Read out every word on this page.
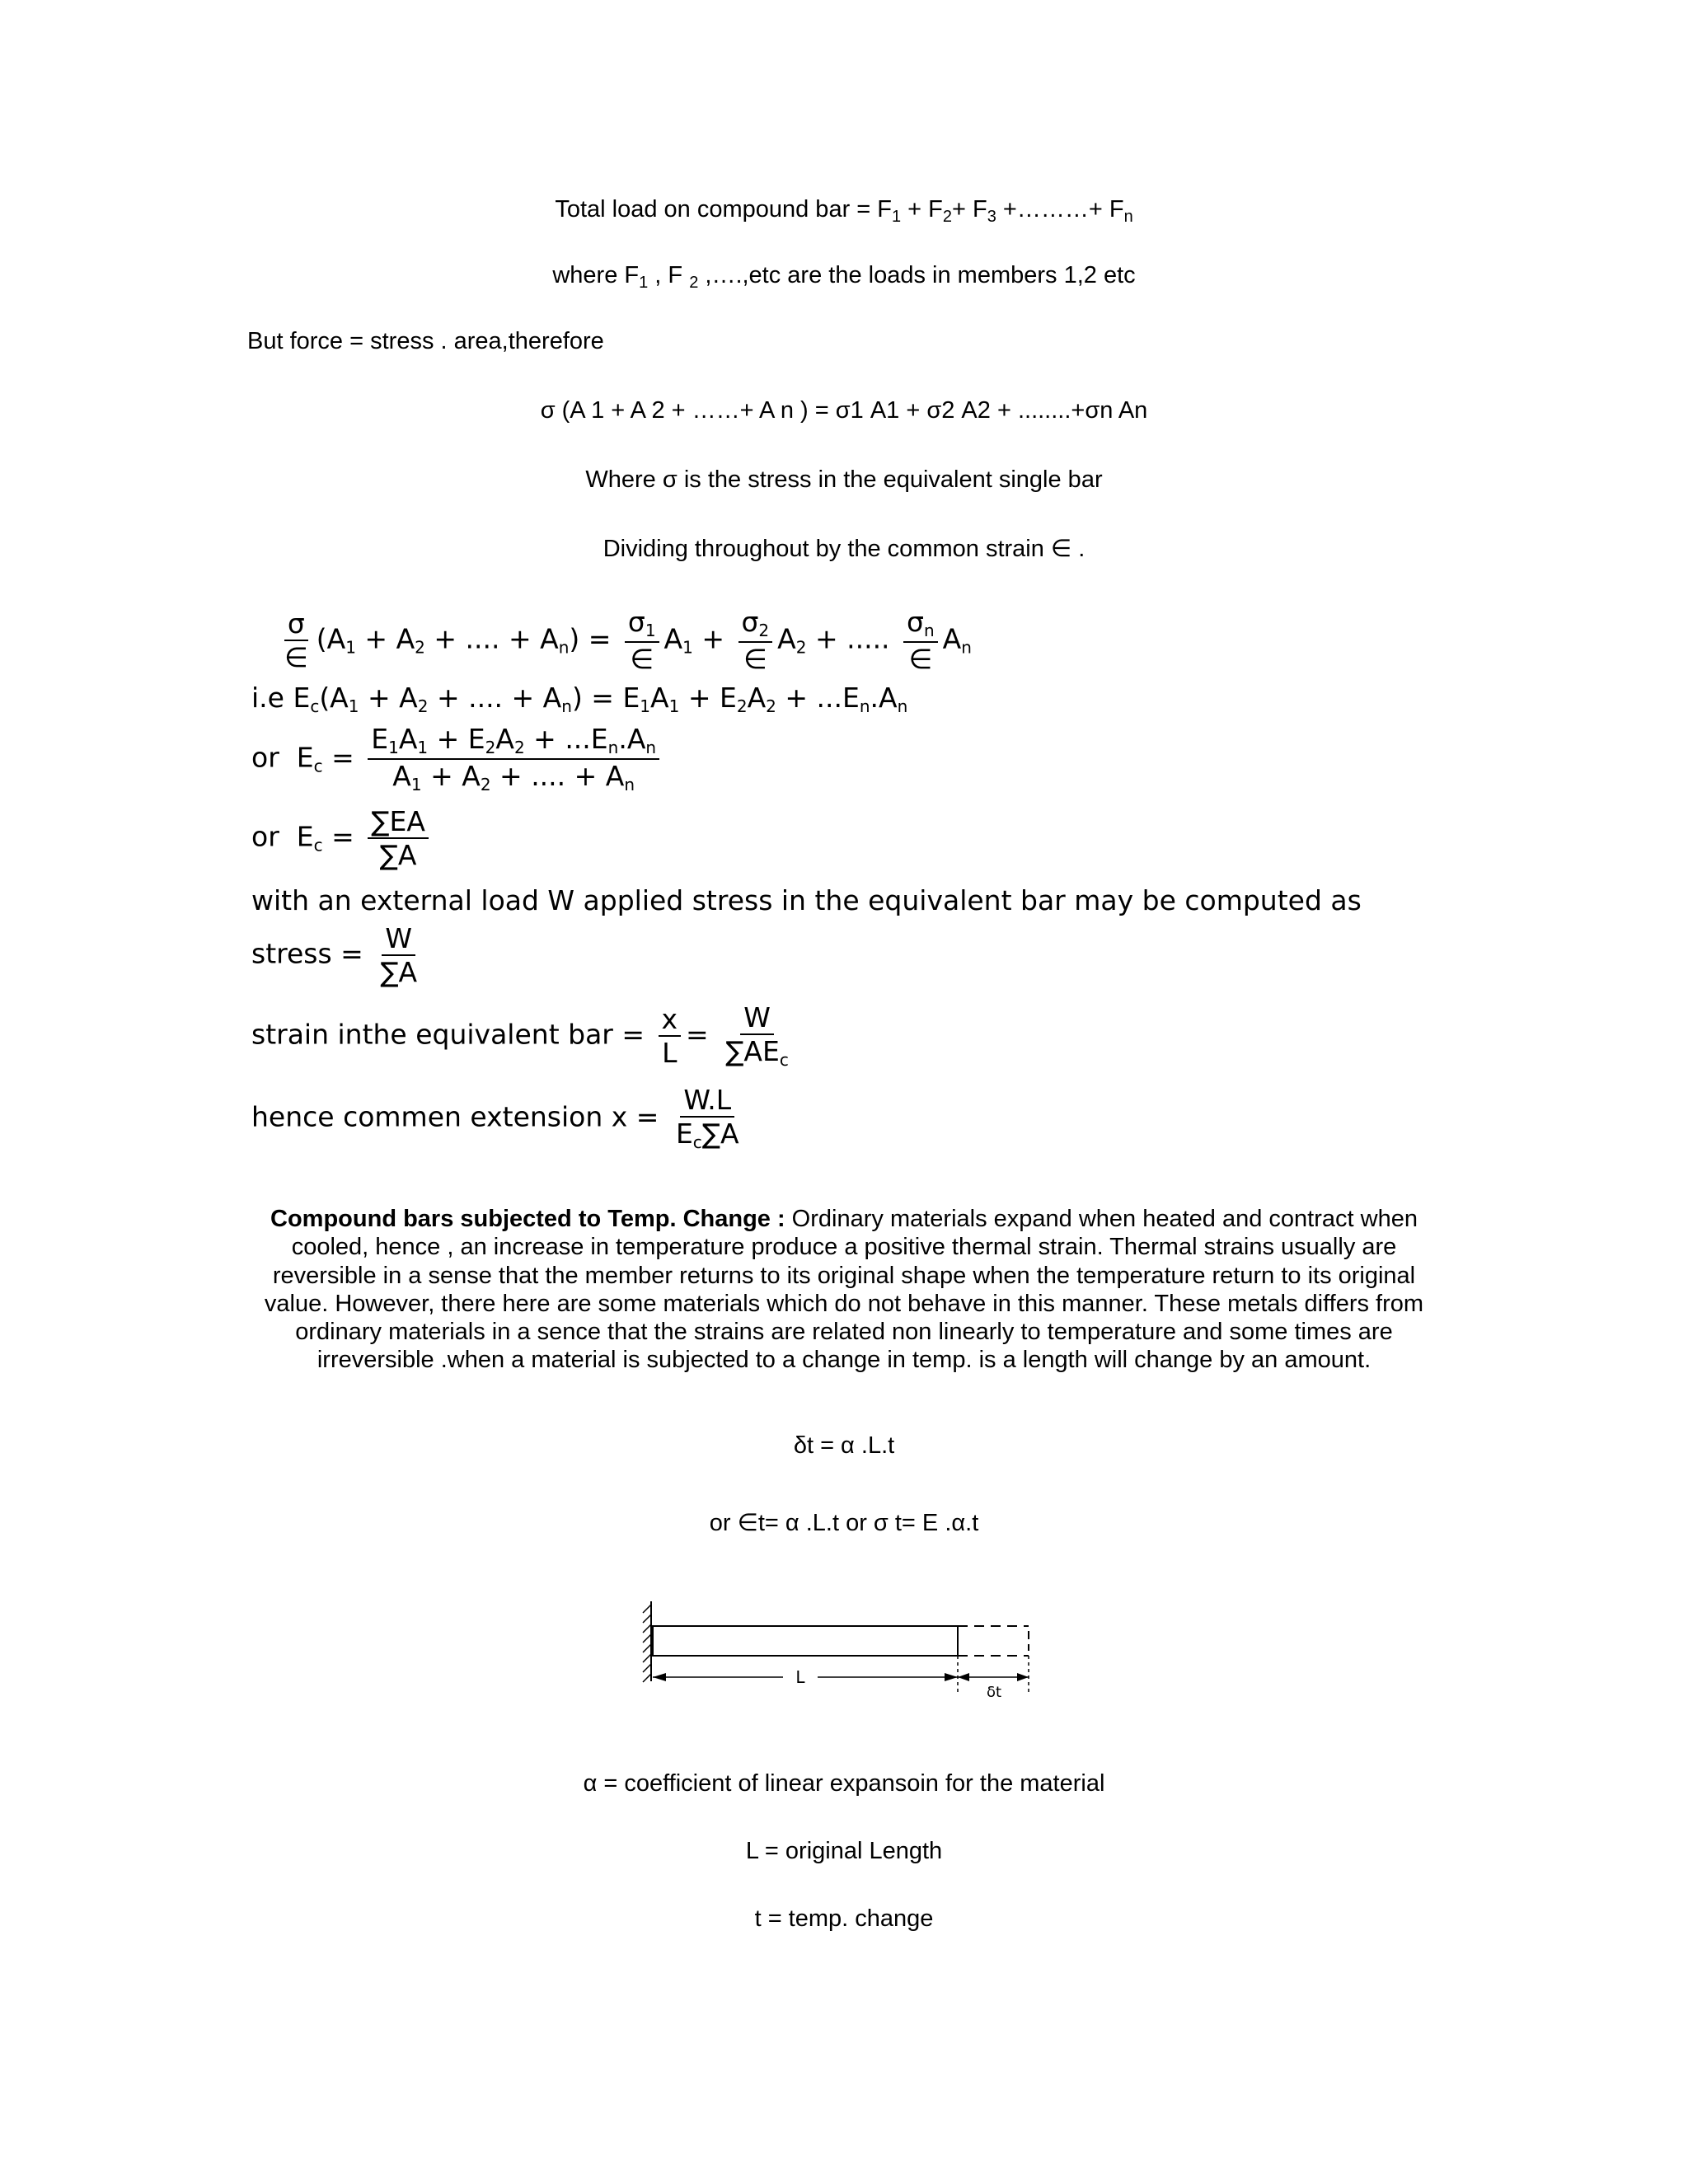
Total load on compound bar = $F_1 + F_2+ F_3$ +………+ $F_n$
where $F_1$ , F $_2$ ,….,etc are the loads in members 1,2 etc
But force = stress . area,therefore
σ (A 1 + A 2 + ……+ A n ) = σ1 A1 + σ2 A2 + ........+σn An
Where σ is the stress in the equivalent single bar
Dividing throughout by the common strain ∈ .
$\frac{\sigma}{\in} (A_1 + A_2$ + .... + $A_n) = \frac{\sigma_1}{\in} A_1 + \frac{\sigma_2}{\in} A_2$ + ..... $\frac{\sigma_n}{\in} A_n$
i.e $E_c(A_1 + A_2$ + .... + $A_n) = E_1A_1 + E_2A_2 + ...E_n.A_n$
or  $E_c = \frac{E_1A_1 + E_2A_2 + ...E_n.A_n}{A_1 + A_2 + .... + A_n}$
or  $E_c = \frac{\sum EA}{\sum A}$
with an external load W applied stress in the equivalent bar may be computed as
stress = $\frac{W}{\sum A}$
strain inthe equivalent bar = $\frac{x}{L} = \frac{W}{\sum AE_c}$
hence commen extension $x = \frac{W.L}{E_c\sum A}$
Compound bars subjected to Temp. Change : Ordinary materials expand when heated and contract when cooled, hence , an increase in temperature produce a positive thermal strain. Thermal strains usually are reversible in a sense that the member returns to its original shape when the temperature return to its original value. However, there here are some materials which do not behave in this manner. These metals differs from ordinary materials in a sence that the strains are related non linearly to temperature and some times are irreversible .when a material is subjected to a change in temp. is a length will change by an amount.
δt = α .L.t
or ∈t= α .L.t or σ t= E .α.t
L
δt
α = coefficient of linear expansoin for the material
L = original Length
t = temp. change
